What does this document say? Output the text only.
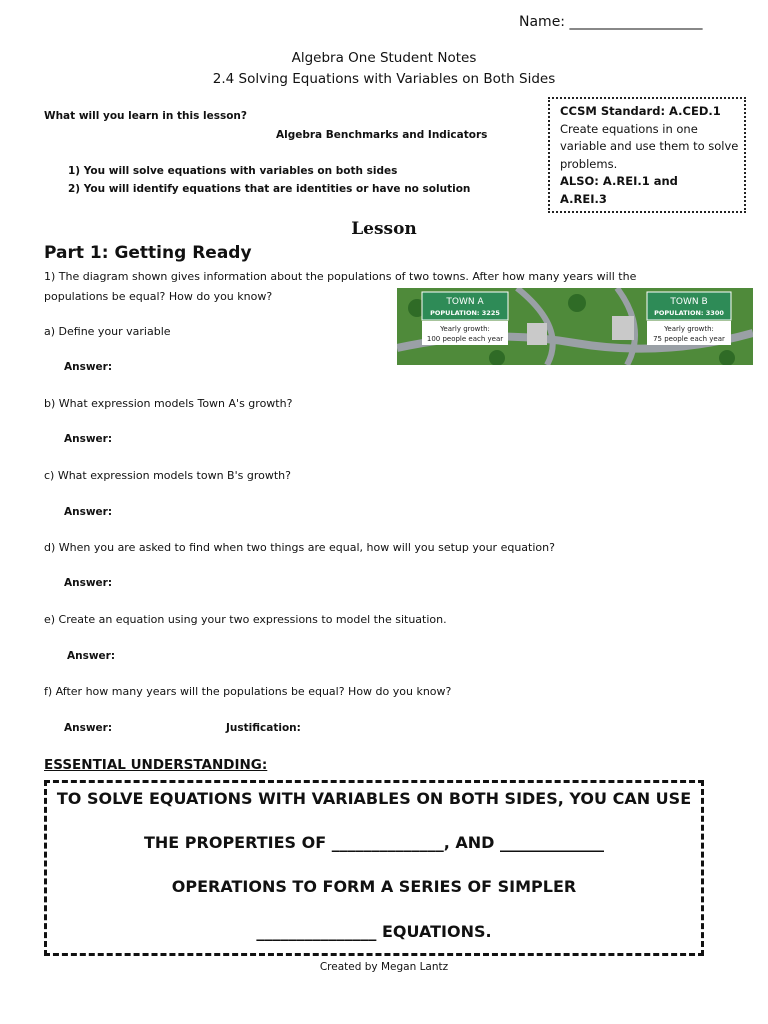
Name: ___________________
Algebra One Student Notes
2.4 Solving Equations with Variables on Both Sides
What will you learn in this lesson?
Algebra Benchmarks and Indicators
1) You will solve equations with variables on both sides
2) You will identify equations that are identities or have no solution
CCSM Standard: A.CED.1
Create equations in one
variable and use them to solve
problems.
ALSO: A.REI.1 and
A.REI.3
Lesson
Part 1: Getting Ready
1) The diagram shown gives information about the populations of two towns. After how many years will the
populations be equal? How do you know?	TOWN A
POPULATION: 3225
Yearly growth:
100 people each year
TOWN B
POPULATION: 3300
Yearly growth:
75 people each year
a) Define your variable
Answer:
b) What expression models Town A's growth?
Answer:
c) What expression models town B's growth?
Answer:
d) When you are asked to find when two things are equal, how will you setup your equation?
Answer:
e) Create an equation using your two expressions to model the situation.
Answer:
f) After how many years will the populations be equal? How do you know?
Answer:	Justification:
ESSENTIAL UNDERSTANDING:
TO SOLVE EQUATIONS WITH VARIABLES ON BOTH SIDES, YOU CAN USE
THE PROPERTIES OF ______________, AND _____________
OPERATIONS TO FORM A SERIES OF SIMPLER
_______________ EQUATIONS.
Created by Megan Lantz
